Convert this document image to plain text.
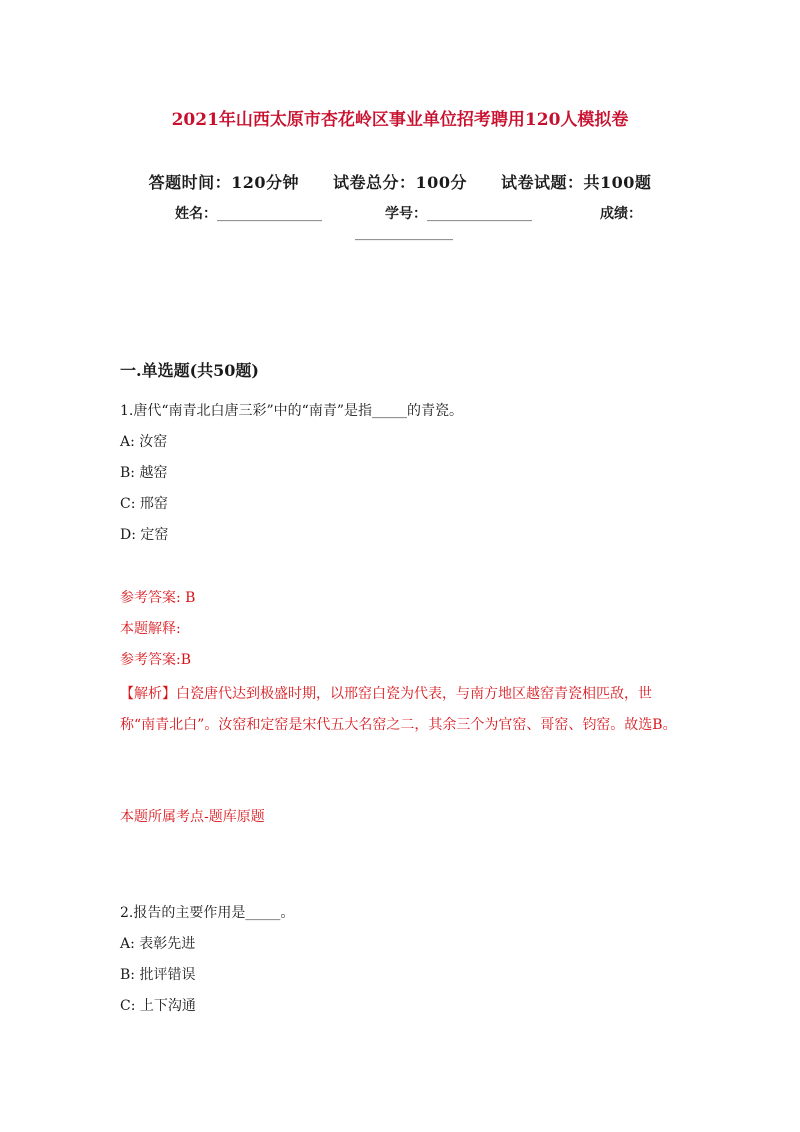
2021年山西太原市杏花岭区事业单位招考聘用120人模拟卷
答题时间：120分钟 试卷总分：100分 试卷试题：共100题
姓名：_______________	学号：_______________	成绩：
______________
一.单选题(共50题)
1.唐代“南青北白唐三彩”中的“南青”是指_____的青瓷。
A: 汝窑
B: 越窑
C: 邢窑
D: 定窑
参考答案: B
本题解释:
参考答案:B
【解析】白瓷唐代达到极盛时期，以邢窑白瓷为代表，与南方地区越窑青瓷相匹敌，世称“南青北白”。汝窑和定窑是宋代五大名窑之二，其余三个为官窑、哥窑、钧窑。故选B。
本题所属考点-题库原题
2.报告的主要作用是_____。
A: 表彰先进
B: 批评错误
C: 上下沟通
